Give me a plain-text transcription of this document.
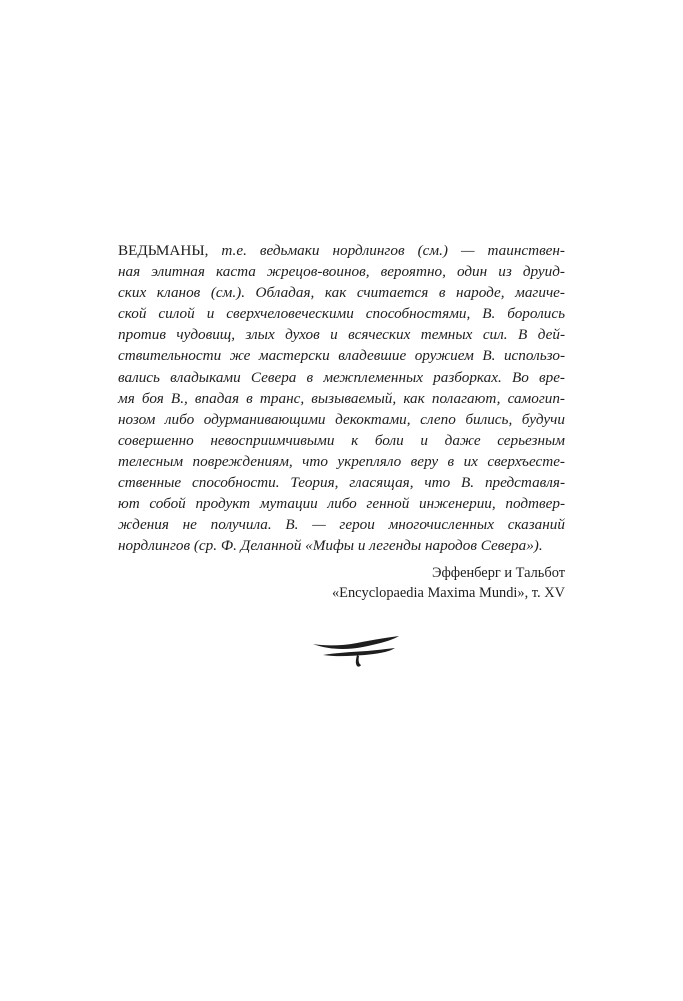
ВЕДЬМАНЫ, т.е. ведьмаки нордлингов (см.) — таинствен-
ная элитная каста жрецов-воинов, вероятно, один из друид-
ских кланов (см.). Обладая, как считается в народе, магиче-
ской силой и сверхчеловеческими способностями, В. боролись
против чудовищ, злых духов и всяческих темных сил. В дей-
ствительности же мастерски владевшие оружием В. использо-
вались владыками Севера в межплеменных разборках. Во вре-
мя боя В., впадая в транс, вызываемый, как полагают, самогип-
нозом либо одурманивающими декоктами, слепо бились, будучи
совершенно невосприимчивыми к боли и даже серьезным
телесным повреждениям, что укрепляло веру в их сверхъесте-
ственные способности. Теория, гласящая, что В. представля-
ют собой продукт мутации либо генной инженерии, подтвер-
ждения не получила. В. — герои многочисленных сказаний
нордлингов (ср. Ф. Деланной «Мифы и легенды народов Севера»).
Эффенберг и Тальбот
«Encyclopaedia Maxima Mundi», т. XV
